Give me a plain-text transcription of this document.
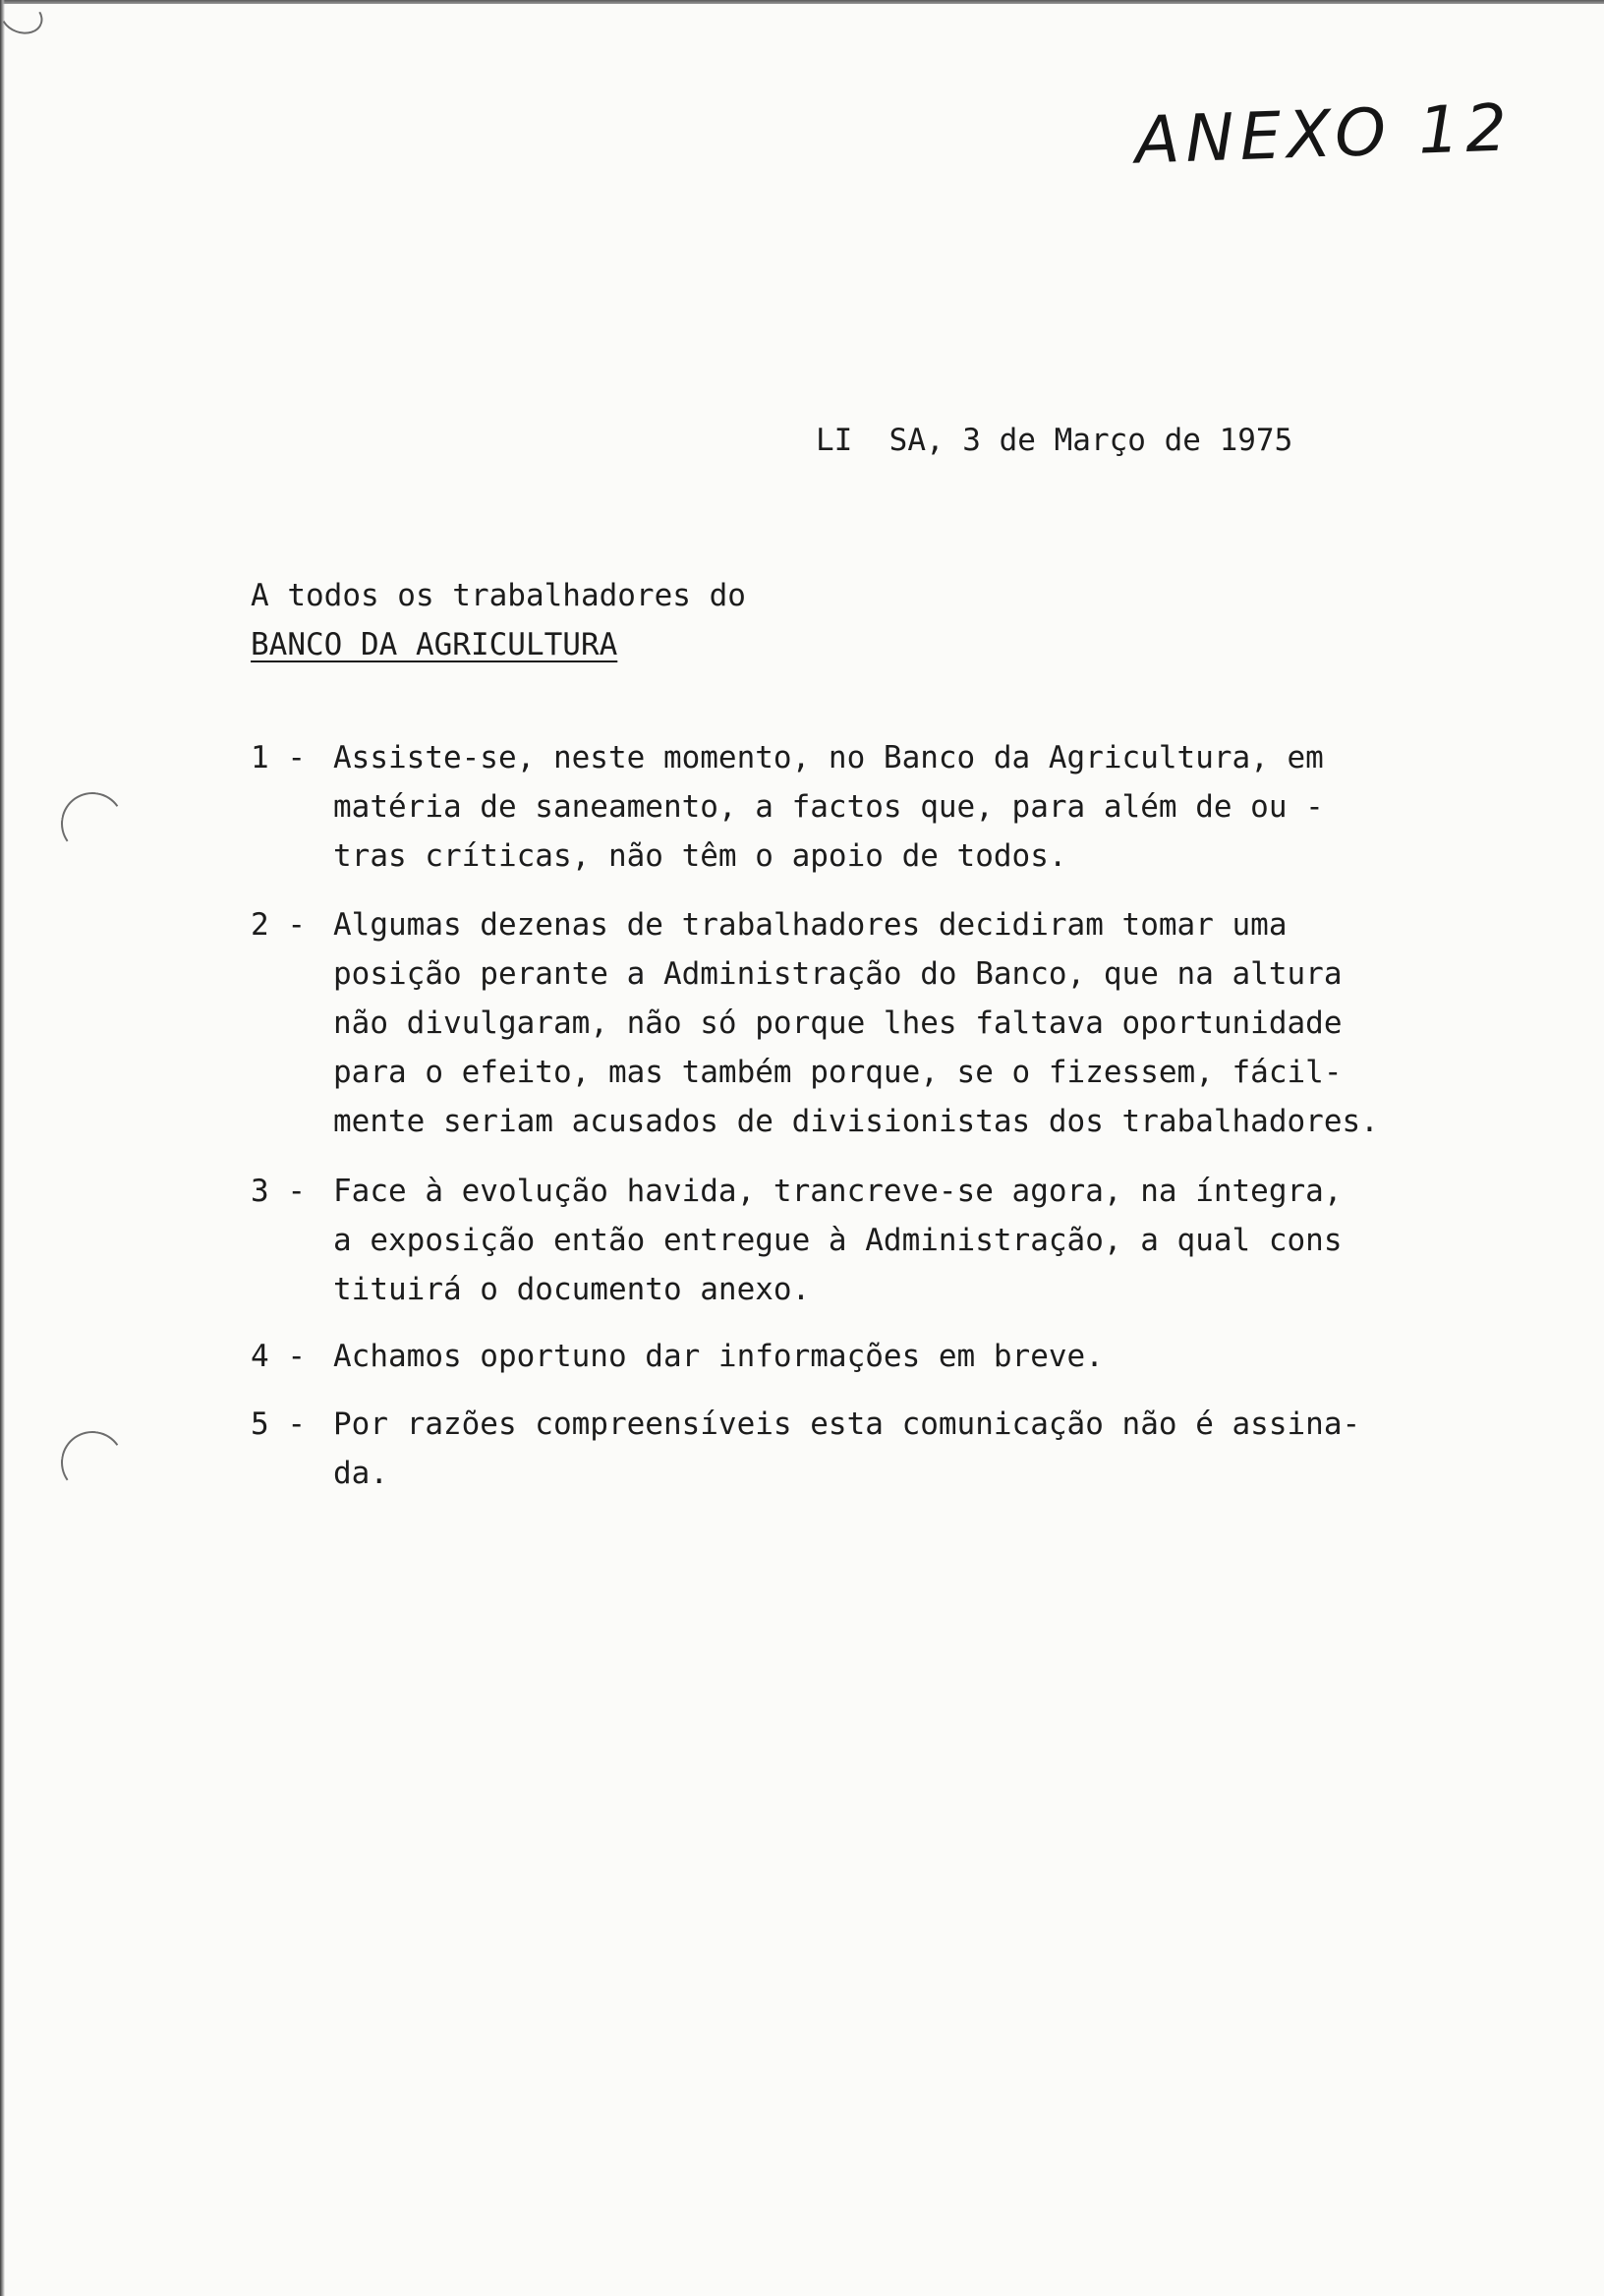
ANEXO 12
LI  SA, 3 de Março de 1975
A todos os trabalhadores do
BANCO DA AGRICULTURA
1 - Assiste-se, neste momento, no Banco da Agricultura, em
matéria de saneamento, a factos que, para além de ou -
tras críticas, não têm o apoio de todos.
2 - Algumas dezenas de trabalhadores decidiram tomar uma
posição perante a Administração do Banco, que na altura
não divulgaram, não só porque lhes faltava oportunidade
para o efeito, mas também porque, se o fizessem, fácil-
mente seriam acusados de divisionistas dos trabalhadores.
3 - Face à evolução havida, trancreve-se agora, na íntegra,
a exposição então entregue à Administração, a qual cons
tituirá o documento anexo.
4 - Achamos oportuno dar informações em breve.
5 - Por razões compreensíveis esta comunicação não é assina-
da.
